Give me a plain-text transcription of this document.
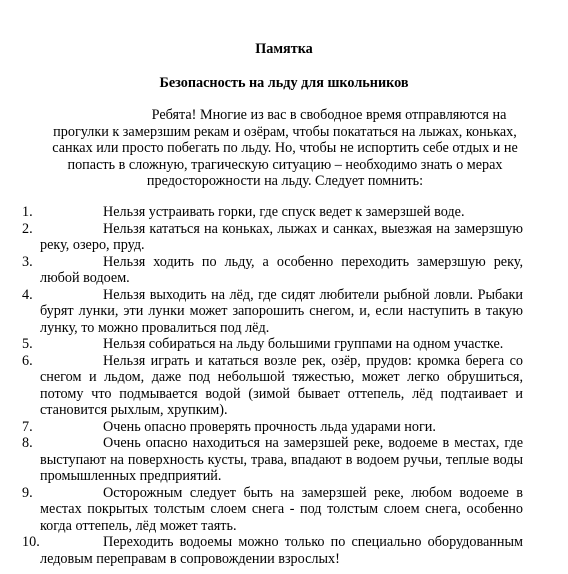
Памятка
Безопасность на льду для школьников
Ребята! Многие из вас в свободное время отправляются на
прогулки к замерзшим рекам и озёрам, чтобы покататься на лыжах, коньках,
санках или просто побегать по льду. Но, чтобы не испортить себе отдых и не
попасть в сложную, трагическую ситуацию – необходимо знать о мерах
предосторожности на льду. Следует помнить:
1.	Нельзя устраивать горки, где спуск ведет к замерзшей воде.
2.	Нельзя кататься на коньках, лыжах и санках, выезжая на замерзшую реку, озеро, пруд.
3.	Нельзя ходить по льду, а особенно переходить замерзшую реку, любой водоем.
4.	Нельзя выходить на лёд, где сидят любители рыбной ловли. Рыбаки бурят лунки, эти лунки может запорошить снегом, и, если наступить в такую лунку, то можно провалиться под лёд.
5.	Нельзя собираться на льду большими группами на одном участке.
6.	Нельзя играть и кататься возле рек, озёр, прудов: кромка берега со снегом и льдом, даже под небольшой тяжестью, может легко обрушиться, потому что подмывается водой (зимой бывает оттепель, лёд подтаивает и становится рыхлым, хрупким).
7.	Очень опасно проверять прочность льда ударами ноги.
8.	Очень опасно находиться на замерзшей реке, водоеме в местах, где выступают на поверхность кусты, трава, впадают в водоем ручьи, теплые воды промышленных предприятий.
9.	Осторожным следует быть на замерзшей реке, любом водоеме в местах покрытых толстым слоем снега - под толстым слоем снега, особенно когда оттепель, лёд может таять.
10.	Переходить водоемы можно только по специально оборудованным ледовым переправам в сопровождении взрослых!
